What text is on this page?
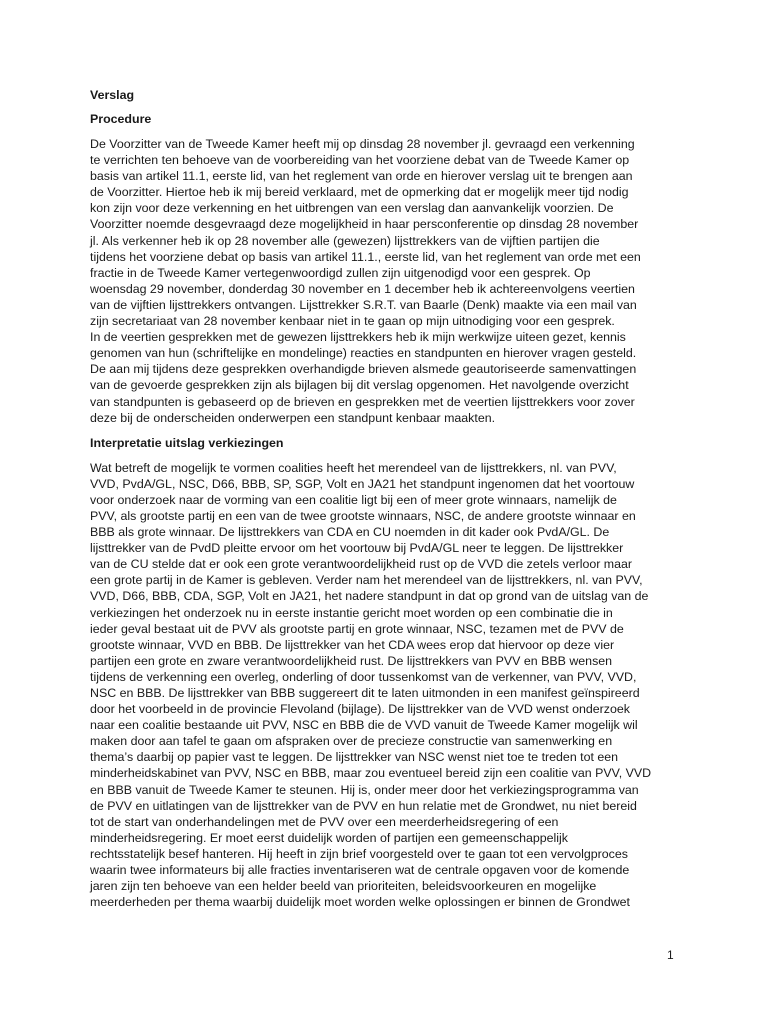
Verslag

Procedure

De Voorzitter van de Tweede Kamer heeft mij op dinsdag 28 november jl. gevraagd een verkenning
te verrichten ten behoeve van de voorbereiding van het voorziene debat van de Tweede Kamer op
basis van artikel 11.1, eerste lid, van het reglement van orde en hierover verslag uit te brengen aan
de Voorzitter. Hiertoe heb ik mij bereid verklaard, met de opmerking dat er mogelijk meer tijd nodig
kon zijn voor deze verkenning en het uitbrengen van een verslag dan aanvankelijk voorzien. De
Voorzitter noemde desgevraagd deze mogelijkheid in haar persconferentie op dinsdag 28 november
jl. Als verkenner heb ik op 28 november alle (gewezen) lijsttrekkers van de vijftien partijen die
tijdens het voorziene debat op basis van artikel 11.1., eerste lid, van het reglement van orde met een
fractie in de Tweede Kamer vertegenwoordigd zullen zijn uitgenodigd voor een gesprek. Op
woensdag 29 november, donderdag 30 november en 1 december heb ik achtereenvolgens veertien
van de vijftien lijsttrekkers ontvangen. Lijsttrekker S.R.T. van Baarle (Denk) maakte via een mail van
zijn secretariaat van 28 november kenbaar niet in te gaan op mijn uitnodiging voor een gesprek.
In de veertien gesprekken met de gewezen lijsttrekkers heb ik mijn werkwijze uiteen gezet, kennis
genomen van hun (schriftelijke en mondelinge) reacties en standpunten en hierover vragen gesteld.
De aan mij tijdens deze gesprekken overhandigde brieven alsmede geautoriseerde samenvattingen
van de gevoerde gesprekken zijn als bijlagen bij dit verslag opgenomen. Het navolgende overzicht
van standpunten is gebaseerd op de brieven en gesprekken met de veertien lijsttrekkers voor zover
deze bij de onderscheiden onderwerpen een standpunt kenbaar maakten.

Interpretatie uitslag verkiezingen

Wat betreft de mogelijk te vormen coalities heeft het merendeel van de lijsttrekkers, nl. van PVV,
VVD, PvdA/GL, NSC, D66, BBB, SP, SGP, Volt en JA21 het standpunt ingenomen dat het voortouw
voor onderzoek naar de vorming van een coalitie ligt bij een of meer grote winnaars, namelijk de
PVV, als grootste partij en een van de twee grootste winnaars, NSC, de andere grootste winnaar en
BBB als grote winnaar. De lijsttrekkers van CDA en CU noemden in dit kader ook PvdA/GL. De
lijsttrekker van de PvdD pleitte ervoor om het voortouw bij PvdA/GL neer te leggen. De lijsttrekker
van de CU stelde dat er ook een grote verantwoordelijkheid rust op de VVD die zetels verloor maar
een grote partij in de Kamer is gebleven. Verder nam het merendeel van de lijsttrekkers, nl. van PVV,
VVD, D66, BBB, CDA, SGP, Volt en JA21, het nadere standpunt in dat op grond van de uitslag van de
verkiezingen het onderzoek nu in eerste instantie gericht moet worden op een combinatie die in
ieder geval bestaat uit de PVV als grootste partij en grote winnaar, NSC, tezamen met de PVV de
grootste winnaar, VVD en BBB. De lijsttrekker van het CDA wees erop dat hiervoor op deze vier
partijen een grote en zware verantwoordelijkheid rust. De lijsttrekkers van PVV en BBB wensen
tijdens de verkenning een overleg, onderling of door tussenkomst van de verkenner, van PVV, VVD,
NSC en BBB. De lijsttrekker van BBB suggereert dit te laten uitmonden in een manifest geïnspireerd
door het voorbeeld in de provincie Flevoland (bijlage). De lijsttrekker van de VVD wenst onderzoek
naar een coalitie bestaande uit PVV, NSC en BBB die de VVD vanuit de Tweede Kamer mogelijk wil
maken door aan tafel te gaan om afspraken over de precieze constructie van samenwerking en
thema’s daarbij op papier vast te leggen. De lijsttrekker van NSC wenst niet toe te treden tot een
minderheidskabinet van PVV, NSC en BBB, maar zou eventueel bereid zijn een coalitie van PVV, VVD
en BBB vanuit de Tweede Kamer te steunen. Hij is, onder meer door het verkiezingsprogramma van
de PVV en uitlatingen van de lijsttrekker van de PVV en hun relatie met de Grondwet, nu niet bereid
tot de start van onderhandelingen met de PVV over een meerderheidsregering of een
minderheidsregering. Er moet eerst duidelijk worden of partijen een gemeenschappelijk
rechtsstatelijk besef hanteren. Hij heeft in zijn brief voorgesteld over te gaan tot een vervolgproces
waarin twee informateurs bij alle fracties inventariseren wat de centrale opgaven voor de komende
jaren zijn ten behoeve van een helder beeld van prioriteiten, beleidsvoorkeuren en mogelijke
meerderheden per thema waarbij duidelijk moet worden welke oplossingen er binnen de Grondwet
1
